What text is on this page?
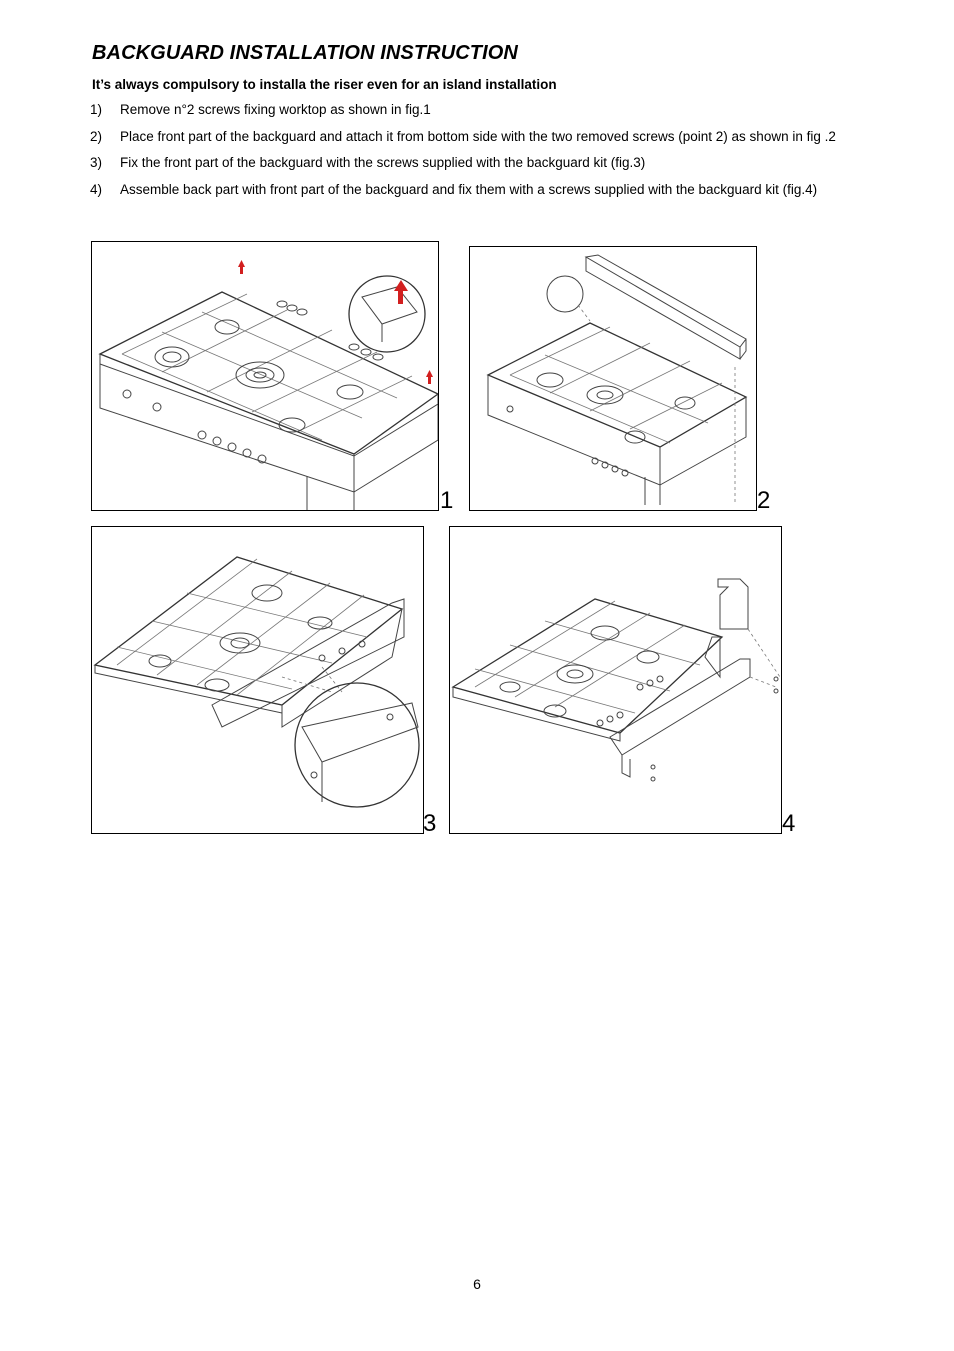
BACKGUARD INSTALLATION INSTRUCTION
It’s always compulsory to installa the riser even for an island installation
1) Remove n°2 screws fixing worktop as shown in fig.1
2) Place front part of the backguard and attach it from bottom side with the two removed screws (point 2) as shown in fig .2
3) Fix the front part of the backguard with the screws supplied with the backguard kit (fig.3)
4) Assemble back part with front part of the backguard and fix them with a screws supplied with the backguard kit (fig.4)
1	2
3	4
6
